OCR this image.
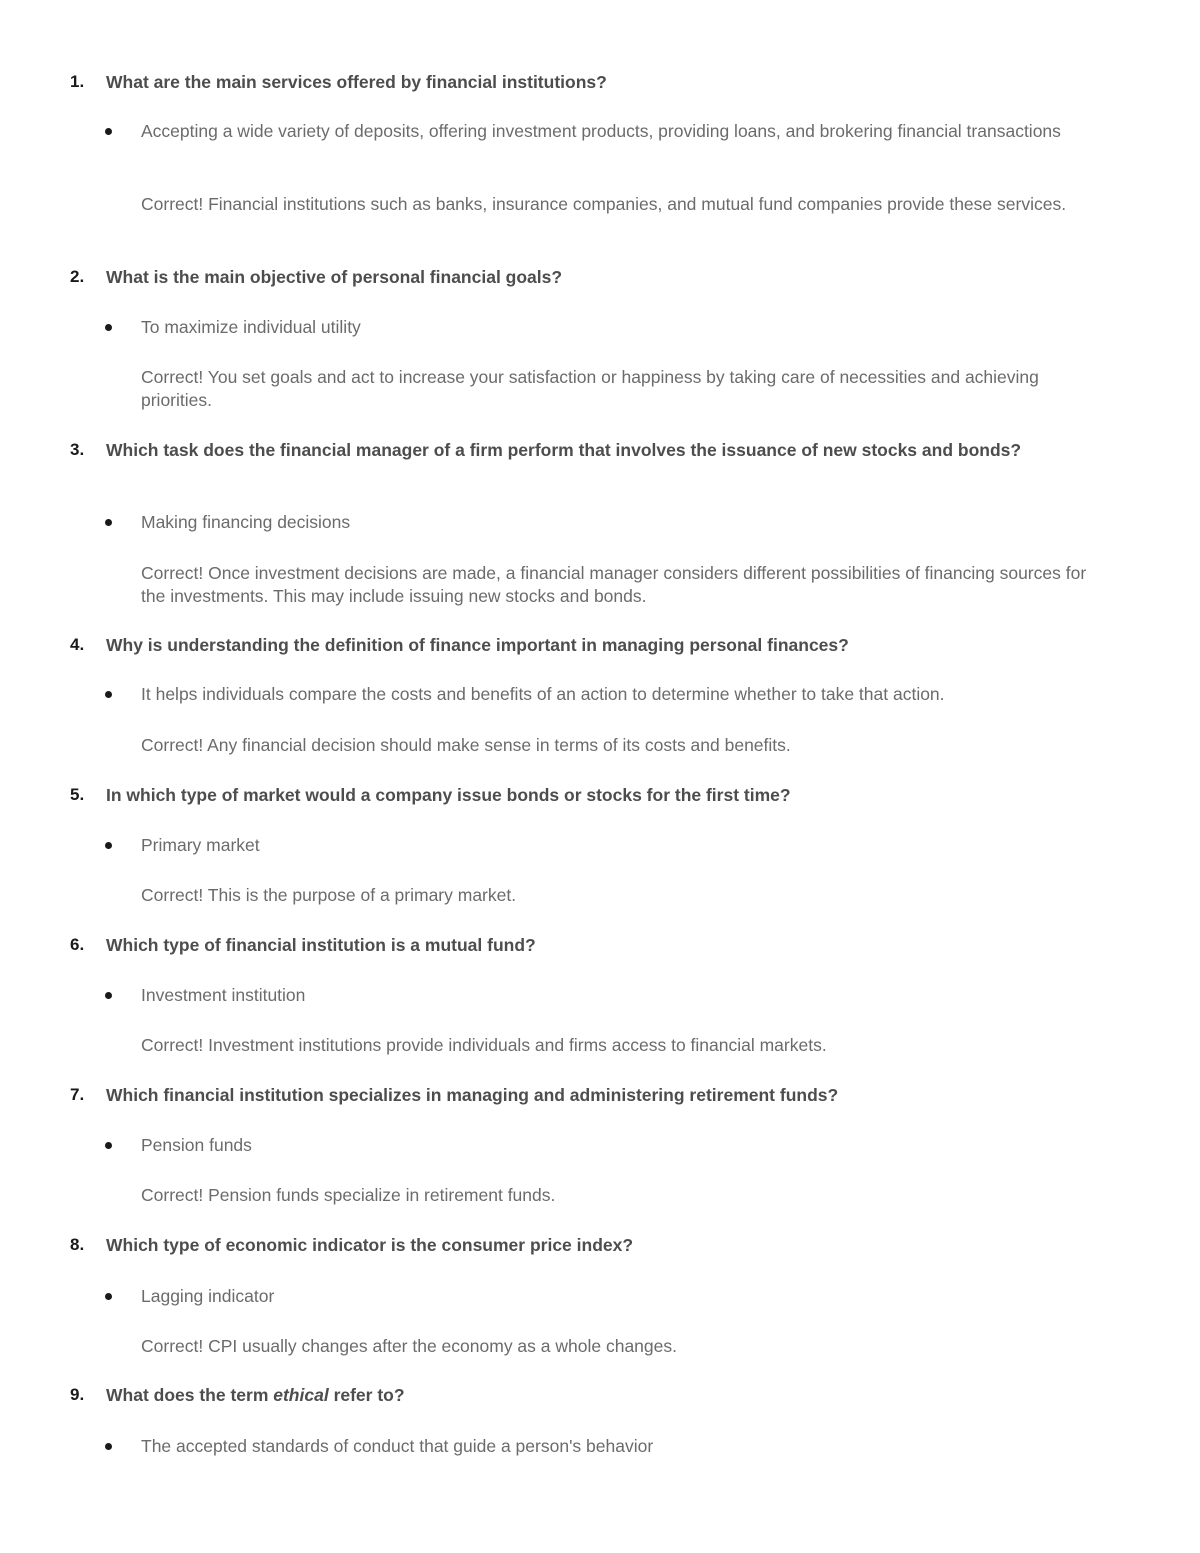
1. What are the main services offered by financial institutions?
Accepting a wide variety of deposits, offering investment products, providing loans, and brokering financial transactions
Correct! Financial institutions such as banks, insurance companies, and mutual fund companies provide these services.
2. What is the main objective of personal financial goals?
To maximize individual utility
Correct! You set goals and act to increase your satisfaction or happiness by taking care of necessities and achieving priorities.
3. Which task does the financial manager of a firm perform that involves the issuance of new stocks and bonds?
Making financing decisions
Correct! Once investment decisions are made, a financial manager considers different possibilities of financing sources for the investments. This may include issuing new stocks and bonds.
4. Why is understanding the definition of finance important in managing personal finances?
It helps individuals compare the costs and benefits of an action to determine whether to take that action.
Correct! Any financial decision should make sense in terms of its costs and benefits.
5. In which type of market would a company issue bonds or stocks for the first time?
Primary market
Correct! This is the purpose of a primary market.
6. Which type of financial institution is a mutual fund?
Investment institution
Correct! Investment institutions provide individuals and firms access to financial markets.
7. Which financial institution specializes in managing and administering retirement funds?
Pension funds
Correct! Pension funds specialize in retirement funds.
8. Which type of economic indicator is the consumer price index?
Lagging indicator
Correct! CPI usually changes after the economy as a whole changes.
9. What does the term ethical refer to?
The accepted standards of conduct that guide a person's behavior
